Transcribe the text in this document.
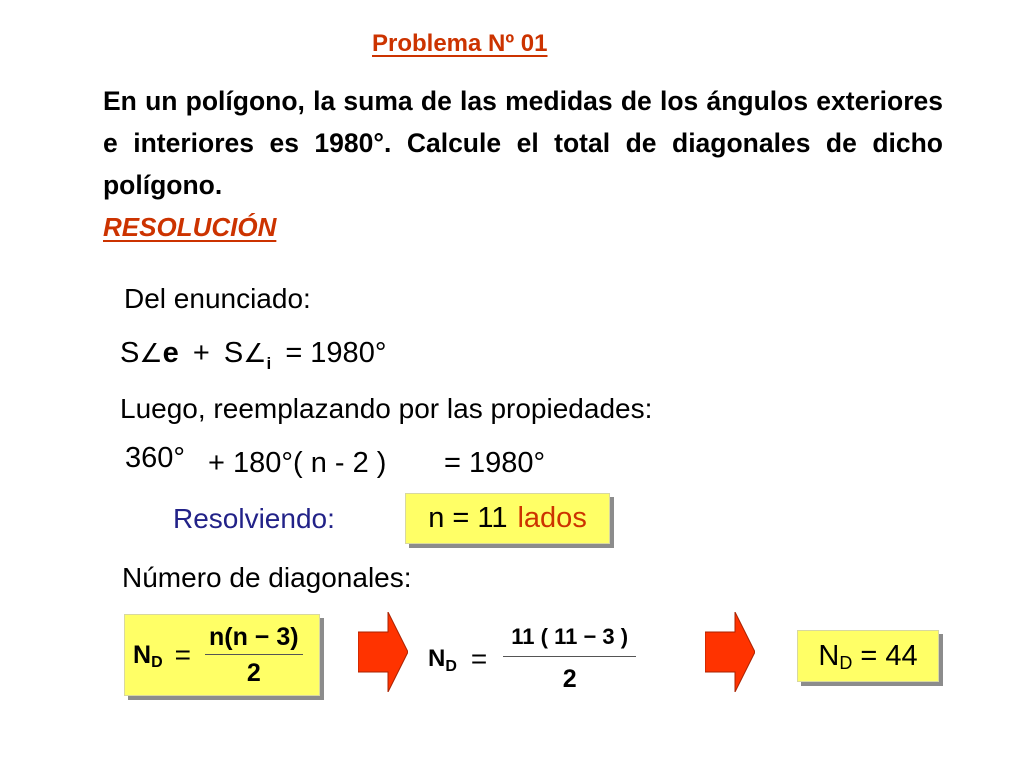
Problema Nº 01
En un polígono, la suma de las medidas de los ángulos exteriores e interiores es 1980°. Calcule el total de diagonales de dicho polígono.
RESOLUCIÓN
Del enunciado:
S∠e + $S\angle_i = 1980^\circ$
Luego, reemplazando por las propiedades:
360° + 180°( n - 2 ) = 1980°
Resolviendo:	n = 11 lados
Número de diagonales:
N $D = \frac{n(n - 3)}{2}$	N $D = \frac{11 ( 11 - 3 )}{2}$	N D = 44
